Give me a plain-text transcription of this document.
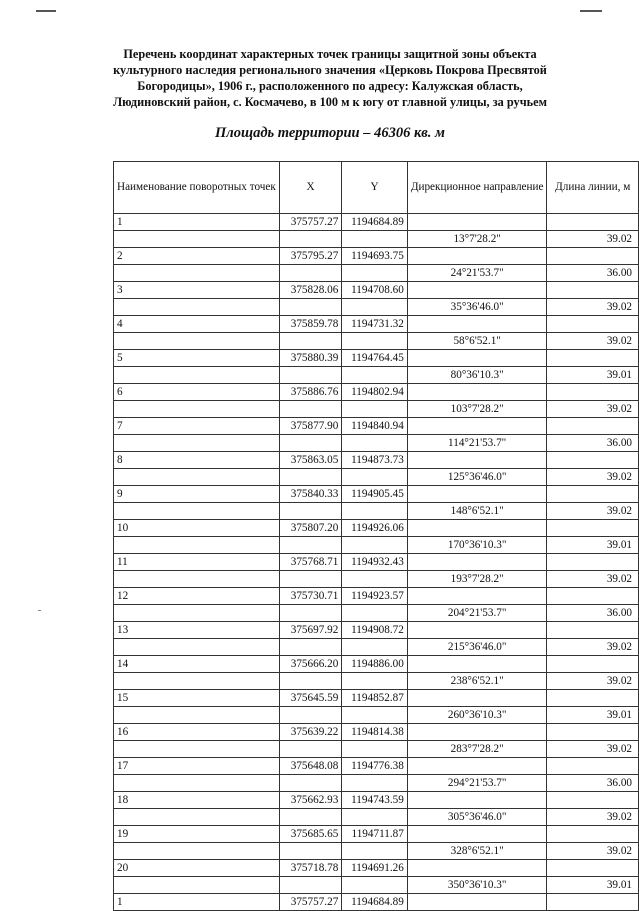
Перечень координат характерных точек границы защитной зоны объекта
культурного наследия регионального значения «Церковь Покрова Пресвятой
Богородицы», 1906 г., расположенного по адресу: Калужская область,
Людиновский район, с. Космачево, в 100 м к югу от главной улицы, за ручьем
Площадь территории – 46306 кв. м
Наименование поворотных точек	X	Y	Дирекционное направление	Длина линии, м
1	375757.27	1194684.89		
			13°7'28.2"	39.02
2	375795.27	1194693.75		
			24°21'53.7"	36.00
3	375828.06	1194708.60		
			35°36'46.0"	39.02
4	375859.78	1194731.32		
			58°6'52.1"	39.02
5	375880.39	1194764.45		
			80°36'10.3"	39.01
6	375886.76	1194802.94		
			103°7'28.2"	39.02
7	375877.90	1194840.94		
			114°21'53.7"	36.00
8	375863.05	1194873.73		
			125°36'46.0"	39.02
9	375840.33	1194905.45		
			148°6'52.1"	39.02
10	375807.20	1194926.06		
			170°36'10.3"	39.01
11	375768.71	1194932.43		
			193°7'28.2"	39.02
12	375730.71	1194923.57		
			204°21'53.7"	36.00
13	375697.92	1194908.72		
			215°36'46.0"	39.02
14	375666.20	1194886.00		
			238°6'52.1"	39.02
15	375645.59	1194852.87		
			260°36'10.3"	39.01
16	375639.22	1194814.38		
			283°7'28.2"	39.02
17	375648.08	1194776.38		
			294°21'53.7"	36.00
18	375662.93	1194743.59		
			305°36'46.0"	39.02
19	375685.65	1194711.87		
			328°6'52.1"	39.02
20	375718.78	1194691.26		
			350°36'10.3"	39.01
1	375757.27	1194684.89		
